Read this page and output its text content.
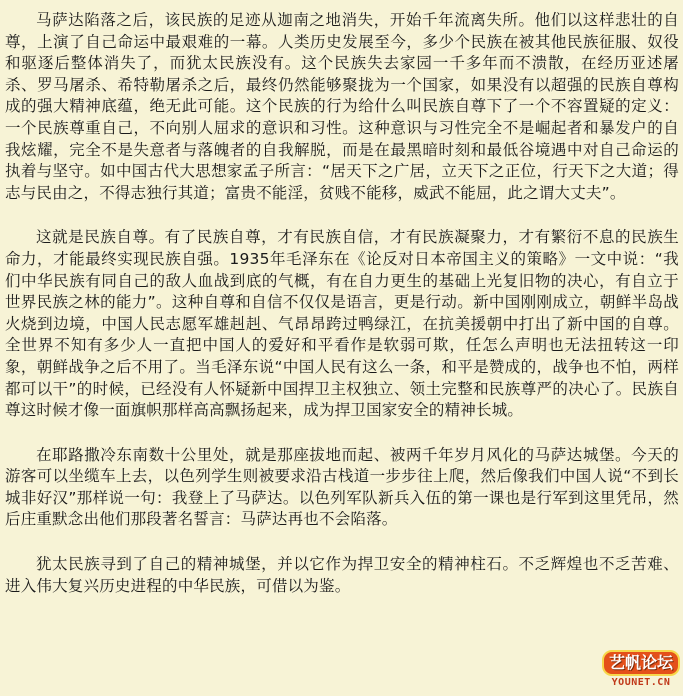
马萨达陷落之后，该民族的足迹从迦南之地消失，开始千年流离失所。他们以这样悲壮的自尊，上演了自己命运中最艰难的一幕。人类历史发展至今，多少个民族在被其他民族征服、奴役和驱逐后整体消失了，而犹太民族没有。这个民族失去家园一千多年而不溃散，在经历亚述屠杀、罗马屠杀、希特勒屠杀之后，最终仍然能够聚拢为一个国家，如果没有以超强的民族自尊构成的强大精神底蕴，绝无此可能。这个民族的行为给什么叫民族自尊下了一个不容置疑的定义：一个民族尊重自己，不向别人屈求的意识和习性。这种意识与习性完全不是崛起者和暴发户的自我炫耀，完全不是失意者与落魄者的自我解脱，而是在最黑暗时刻和最低谷境遇中对自己命运的执着与坚守。如中国古代大思想家孟子所言：“居天下之广居，立天下之正位，行天下之大道；得志与民由之，不得志独行其道；富贵不能淫，贫贱不能移，威武不能屈，此之谓大丈夫”。

这就是民族自尊。有了民族自尊，才有民族自信，才有民族凝聚力，才有繁衍不息的民族生命力，才能最终实现民族自强。1935年毛泽东在《论反对日本帝国主义的策略》一文中说：“我们中华民族有同自己的敌人血战到底的气概，有在自力更生的基础上光复旧物的决心，有自立于世界民族之林的能力”。这种自尊和自信不仅仅是语言，更是行动。新中国刚刚成立，朝鲜半岛战火烧到边境，中国人民志愿军雄赳赳、气昂昂跨过鸭绿江，在抗美援朝中打出了新中国的自尊。全世界不知有多少人一直把中国人的爱好和平看作是软弱可欺，任怎么声明也无法扭转这一印象，朝鲜战争之后不用了。当毛泽东说“中国人民有这么一条，和平是赞成的，战争也不怕，两样都可以干”的时候，已经没有人怀疑新中国捍卫主权独立、领土完整和民族尊严的决心了。民族自尊这时候才像一面旗帜那样高高飘扬起来，成为捍卫国家安全的精神长城。

在耶路撒冷东南数十公里处，就是那座拔地而起、被两千年岁月风化的马萨达城堡。今天的游客可以坐缆车上去，以色列学生则被要求沿古栈道一步步往上爬，然后像我们中国人说“不到长城非好汉”那样说一句：我登上了马萨达。以色列军队新兵入伍的第一课也是行军到这里凭吊，然后庄重默念出他们那段著名誓言：马萨达再也不会陷落。

犹太民族寻到了自己的精神城堡，并以它作为捍卫安全的精神柱石。不乏辉煌也不乏苦难、进入伟大复兴历史进程的中华民族，可借以为鉴。

艺帆论坛
YOUNET.CN
